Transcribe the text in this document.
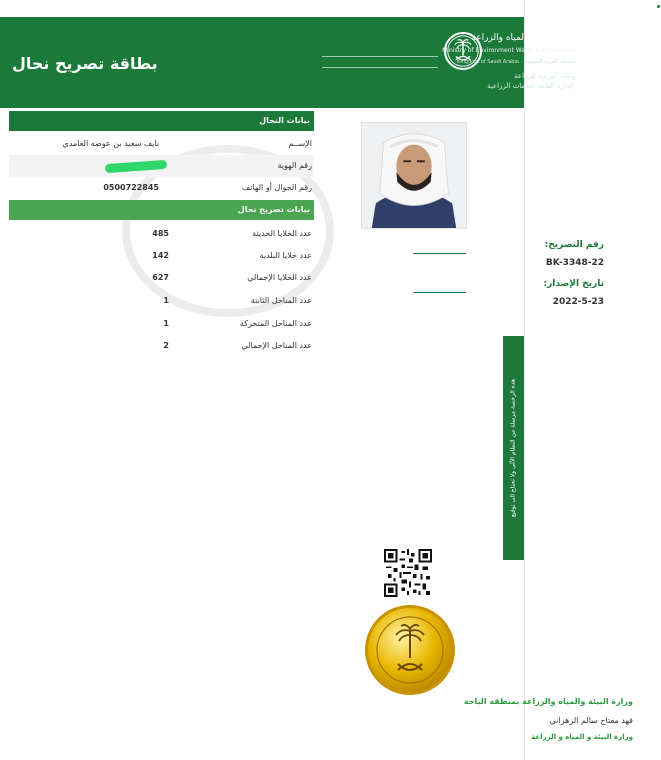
بطاقة تصريح نحال
وزارة البيئة والمياه والزراعة
Ministry of Environment Water & Agriculture
Kingdom of Saudi Arabia · المملكة العربية السعودية
وكالة الوزارة للزراعة
الإدارة العامة لخدمات الزراعية
بيانات النحال
الإســم
نايف سعيد بن عوضه الغامدي
رقم الهوية
رقم الجوال أو الهاتف
0500722845
بيانات تصريح نحال
عدد الخلايا الحديثة
485
عدد خلايا البلدية
142
عدد الخلايا الإجمالي
627
عدد المناحل الثابتة
1
عدد المناحل المتحركة
1
عدد المناحل الإجمالي
2
رقم التصريح:
BK-3348-22
تاريخ الإصدار:
2022-5-23
هذه الرخصة مرسلة من النظام الآلي ولا تحتاج الى توقيع
وزارة البيئة والمياه والزراعة بمنطقة الباحة
فهد مفتاح سالم الزهراني
وزارة البيئة و المياه و الزراعة
